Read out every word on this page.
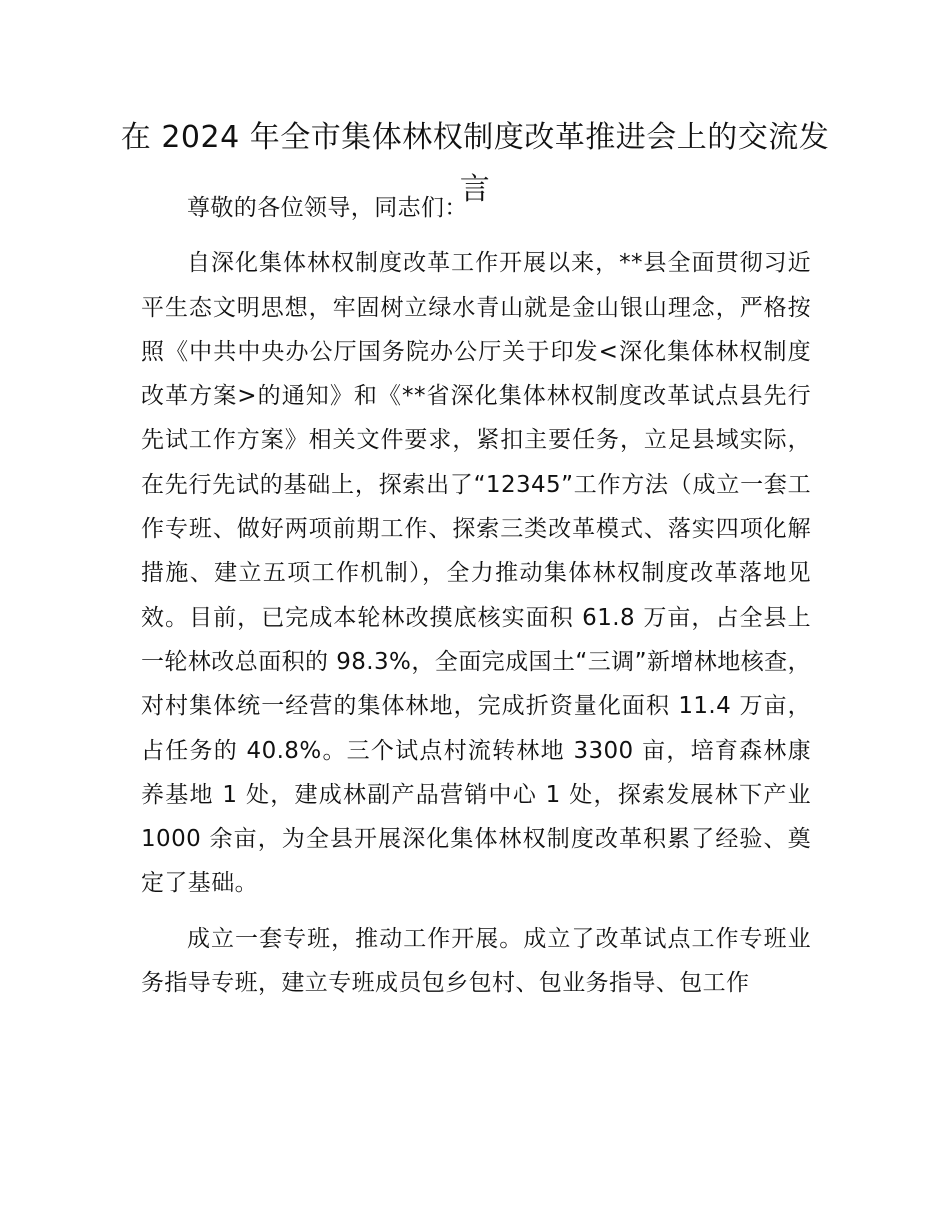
在 2024 年全市集体林权制度改革推进会上的交流发言

尊敬的各位领导，同志们：

自深化集体林权制度改革工作开展以来，**县全面贯彻习近平生态文明思想，牢固树立绿水青山就是金山银山理念，严格按照《中共中央办公厅国务院办公厅关于印发<深化集体林权制度改革方案>的通知》和《**省深化集体林权制度改革试点县先行先试工作方案》相关文件要求，紧扣主要任务，立足县域实际，在先行先试的基础上，探索出了“12345”工作方法（成立一套工作专班、做好两项前期工作、探索三类改革模式、落实四项化解措施、建立五项工作机制），全力推动集体林权制度改革落地见效。目前，已完成本轮林改摸底核实面积 61.8 万亩，占全县上一轮林改总面积的 98.3%，全面完成国土“三调”新增林地核查，对村集体统一经营的集体林地，完成折资量化面积 11.4 万亩，占任务的 40.8%。三个试点村流转林地 3300 亩，培育森林康养基地 1 处，建成林副产品营销中心 1 处，探索发展林下产业 1000 余亩，为全县开展深化集体林权制度改革积累了经验、奠定了基础。

成立一套专班，推动工作开展。成立了改革试点工作专班业务指导专班，建立专班成员包乡包村、包业务指导、包工作
